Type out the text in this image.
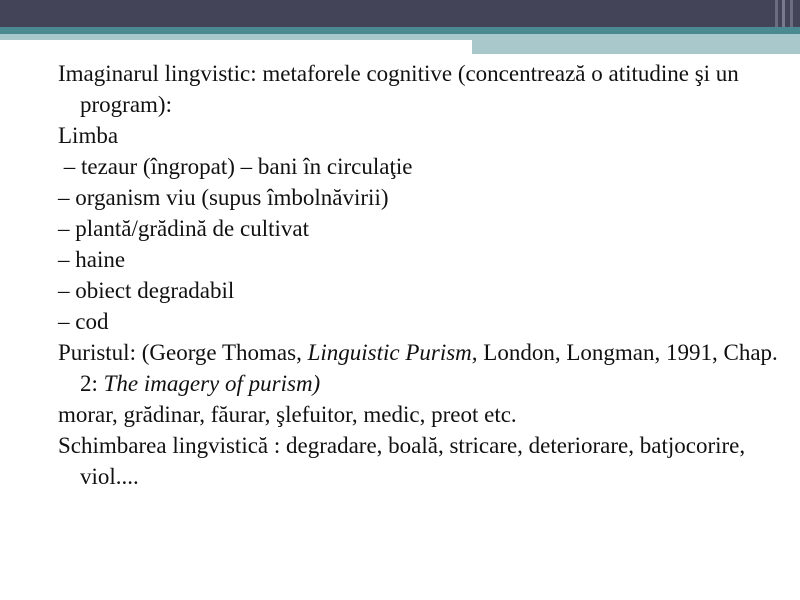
Imaginarul lingvistic: metaforele cognitive (concentrează o atitudine şi un program):

Limba

– tezaur (îngropat) – bani în circulaţie

– organism viu (supus îmbolnăvirii)

– plantă/grădină de cultivat

– haine

– obiect degradabil

– cod

Puristul: (George Thomas, Linguistic Purism, London, Longman, 1991, Chap. 2: The imagery of purism)

morar, grădinar, făurar, şlefuitor, medic, preot etc.

Schimbarea lingvistică : degradare, boală, stricare, deteriorare, batjocorire, viol....
